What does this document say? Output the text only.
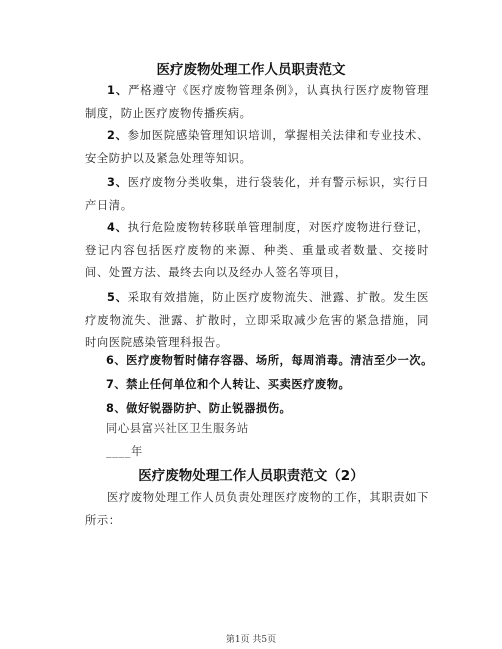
医疗废物处理工作人员职责范文
1、严格遵守《医疗废物管理条例》，认真执行医疗废物管理制度，防止医疗废物传播疾病。
2、参加医院感染管理知识培训，掌握相关法律和专业技术、安全防护以及紧急处理等知识。
3、医疗废物分类收集，进行袋装化，并有警示标识，实行日产日清。
4、执行危险废物转移联单管理制度，对医疗废物进行登记，登记内容包括医疗废物的来源、种类、重量或者数量、交接时间、处置方法、最终去向以及经办人签名等项目，
5、采取有效措施，防止医疗废物流失、泄露、扩散。发生医疗废物流失、泄露、扩散时，立即采取减少危害的紧急措施，同时向医院感染管理科报告。
6、医疗废物暂时储存容器、场所，每周消毒。清洁至少一次。
7、禁止任何单位和个人转让、买卖医疗废物。
8、做好锐器防护、防止锐器损伤。
同心县富兴社区卫生服务站
____年
医疗废物处理工作人员职责范文（2）
医疗废物处理工作人员负责处理医疗废物的工作，其职责如下所示：
第1页 共5页
